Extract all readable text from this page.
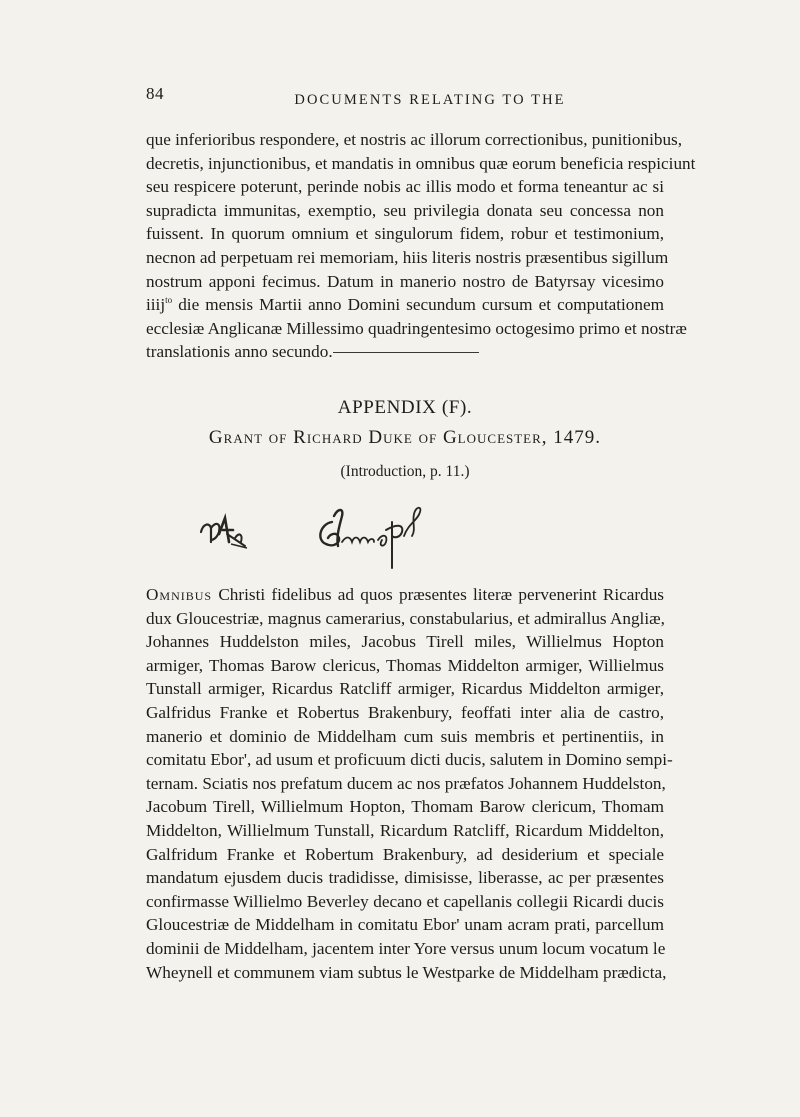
84	DOCUMENTS RELATING TO THE

que inferioribus respondere, et nostris ac illorum correctionibus, punitionibus,
decretis, injunctionibus, et mandatis in omnibus quæ eorum beneficia respiciunt
seu respicere poterunt, perinde nobis ac illis modo et forma teneantur ac si
supradicta immunitas, exemptio, seu privilegia donata seu concessa non
fuissent. In quorum omnium et singulorum fidem, robur et testimonium,
necnon ad perpetuam rei memoriam, hiis literis nostris præsentibus sigillum
nostrum apponi fecimus. Datum in manerio nostro de Batyrsay vicesimo
iiij$^{to}$ die mensis Martii anno Domini secundum cursum et computationem
ecclesiæ Anglicanæ Millessimo quadringentesimo octogesimo primo et nostræ
translationis anno secundo.

APPENDIX (F).
Grant of Richard Duke of Gloucester, 1479.
(Introduction, p. 11.)

Omnibus Christi fidelibus ad quos præsentes literæ pervenerint Ricardus
dux Gloucestriæ, magnus camerarius, constabularius, et admirallus Angliæ,
Johannes Huddelston miles, Jacobus Tirell miles, Willielmus Hopton
armiger, Thomas Barow clericus, Thomas Middelton armiger, Willielmus
Tunstall armiger, Ricardus Ratcliff armiger, Ricardus Middelton armiger,
Galfridus Franke et Robertus Brakenbury, feoffati inter alia de castro,
manerio et dominio de Middelham cum suis membris et pertinentiis, in
comitatu Ebor', ad usum et proficuum dicti ducis, salutem in Domino sempi-
ternam. Sciatis nos prefatum ducem ac nos præfatos Johannem Huddelston,
Jacobum Tirell, Willielmum Hopton, Thomam Barow clericum, Thomam
Middelton, Willielmum Tunstall, Ricardum Ratcliff, Ricardum Middelton,
Galfridum Franke et Robertum Brakenbury, ad desiderium et speciale
mandatum ejusdem ducis tradidisse, dimisisse, liberasse, ac per præsentes
confirmasse Willielmo Beverley decano et capellanis collegii Ricardi ducis
Gloucestriæ de Middelham in comitatu Ebor' unam acram prati, parcellum
dominii de Middelham, jacentem inter Yore versus unum locum vocatum le
Wheynell et communem viam subtus le Westparke de Middelham prædicta,
